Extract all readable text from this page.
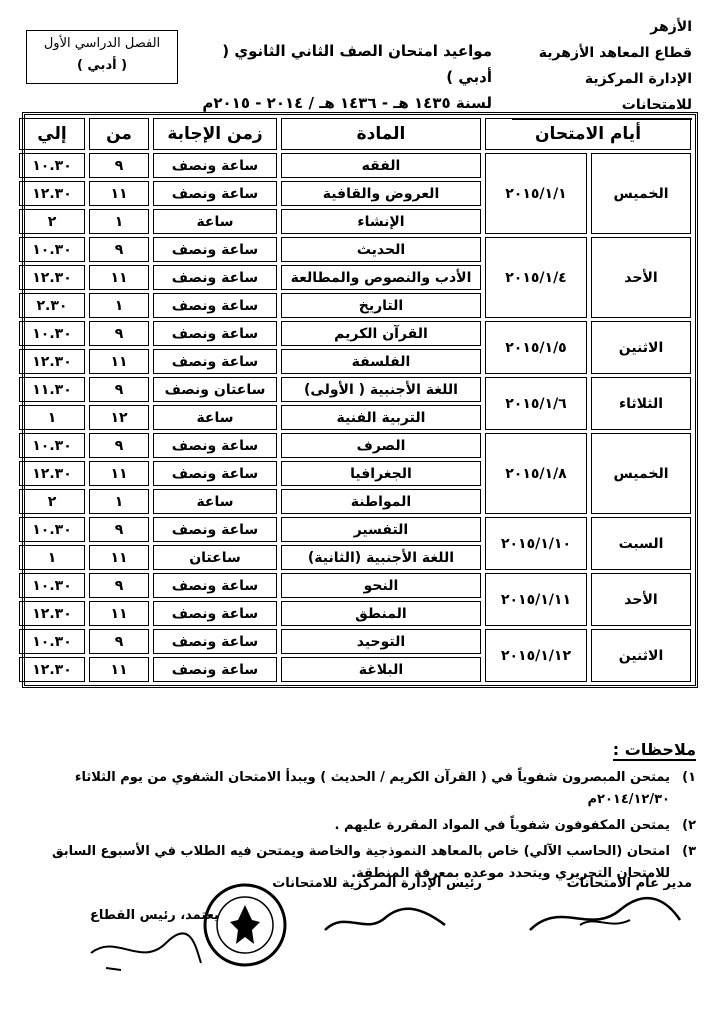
الأزهر
قطاع المعاهد الأزهرية
الإدارة المركزية للامتحانات
مواعيد امتحان الصف الثاني الثانوي ( أدبي )
لسنة ١٤٣٥ هـ - ١٤٣٦ هـ / ٢٠١٤ - ٢٠١٥م
الفصل الدراسي الأول
( أدبي )
أيام الامتحان		المادة	زمن الإجابة	من	إلي
الخميس	٢٠١٥/١/١	الفقه	ساعة ونصف	٩	١٠.٣٠
		العروض والقافية	ساعة ونصف	١١	١٢.٣٠
		الإنشاء	ساعة	١	٢
الأحد	٢٠١٥/١/٤	الحديث	ساعة ونصف	٩	١٠.٣٠
		الأدب والنصوص والمطالعة	ساعة ونصف	١١	١٢.٣٠
		التاريخ	ساعة ونصف	١	٢.٣٠
الاثنين	٢٠١٥/١/٥	القرآن الكريم	ساعة ونصف	٩	١٠.٣٠
		الفلسفة	ساعة ونصف	١١	١٢.٣٠
الثلاثاء	٢٠١٥/١/٦	اللغة الأجنبية ( الأولى)	ساعتان ونصف	٩	١١.٣٠
		التربية الفنية	ساعة	١٢	١
الخميس	٢٠١٥/١/٨	الصرف	ساعة ونصف	٩	١٠.٣٠
		الجغرافيا	ساعة ونصف	١١	١٢.٣٠
		المواطنة	ساعة	١	٢
السبت	٢٠١٥/١/١٠	التفسير	ساعة ونصف	٩	١٠.٣٠
		اللغة الأجنبية (الثانية)	ساعتان	١١	١
الأحد	٢٠١٥/١/١١	النحو	ساعة ونصف	٩	١٠.٣٠
		المنطق	ساعة ونصف	١١	١٢.٣٠
الاثنين	٢٠١٥/١/١٢	التوحيد	ساعة ونصف	٩	١٠.٣٠
		البلاغة	ساعة ونصف	١١	١٢.٣٠
ملاحظات :
١)
يمتحن المبصرون شفوياً في ( القرآن الكريم / الحديث ) ويبدأ الامتحان الشفوي من يوم الثلاثاء ٢٠١٤/١٢/٣٠م
٢)
يمتحن المكفوفون شفوياً في المواد المقررة عليهم .
٣)
امتحان (الحاسب الآلي) خاص بالمعاهد النموذجية والخاصة ويمتحن فيه الطلاب في الأسبوع السابق للامتحان التحريري ويتحدد موعده بمعرفة المنطقة.
مدير عام الامتحانات
رئيس الإدارة المركزية للامتحانات
يعتمد، رئيس القطاع
